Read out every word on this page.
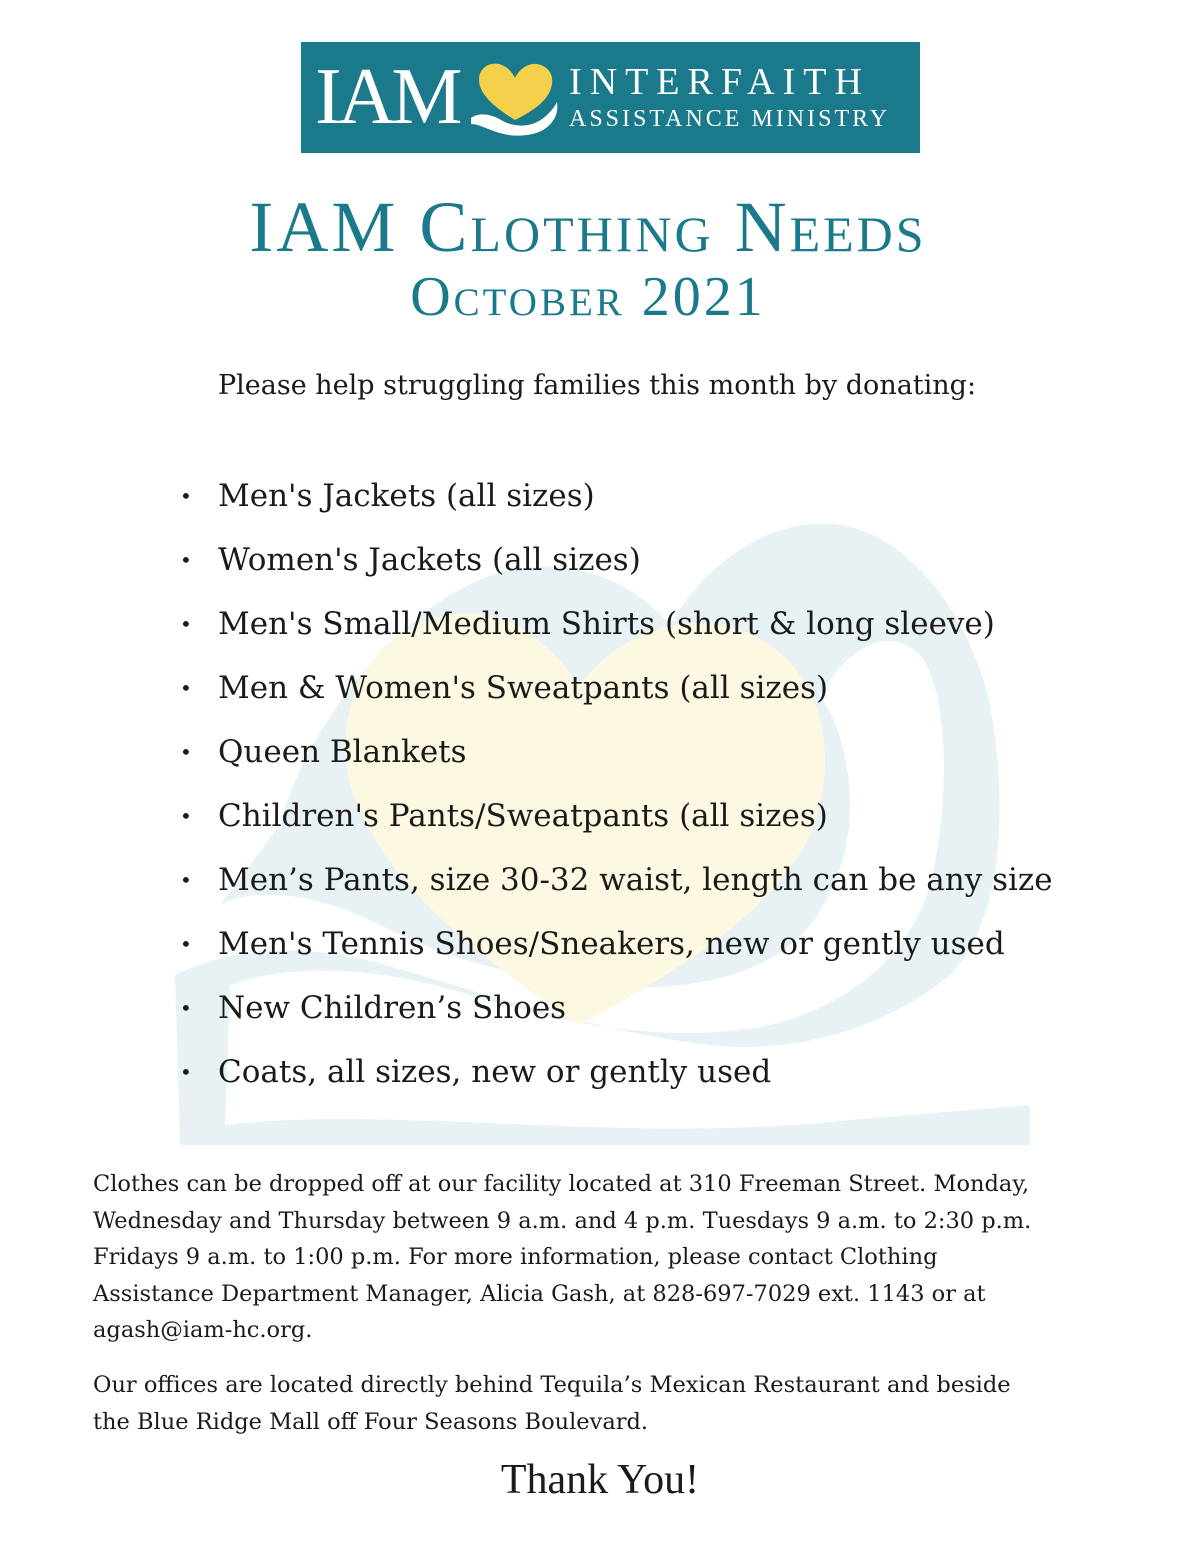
IAM	INTERFAITH
ASSISTANCE MINISTRY
IAM Clothing Needs
October 2021

Please help struggling families this month by donating:

• Men's Jackets (all sizes)
• Women's Jackets (all sizes)
• Men's Small/Medium Shirts (short & long sleeve)
• Men & Women's Sweatpants (all sizes)
• Queen Blankets
• Children's Pants/Sweatpants (all sizes)
• Men’s Pants, size 30-32 waist, length can be any size
• Men's Tennis Shoes/Sneakers, new or gently used
• New Children’s Shoes
• Coats, all sizes, new or gently used
Clothes can be dropped off at our facility located at 310 Freeman Street. Monday,
Wednesday and Thursday between 9 a.m. and 4 p.m. Tuesdays 9 a.m. to 2:30 p.m.
Fridays 9 a.m. to 1:00 p.m. For more information, please contact Clothing
Assistance Department Manager, Alicia Gash, at 828-697-7029 ext. 1143 or at
agash@iam-hc.org.
Our offices are located directly behind Tequila’s Mexican Restaurant and beside
the Blue Ridge Mall off Four Seasons Boulevard.

Thank You!
